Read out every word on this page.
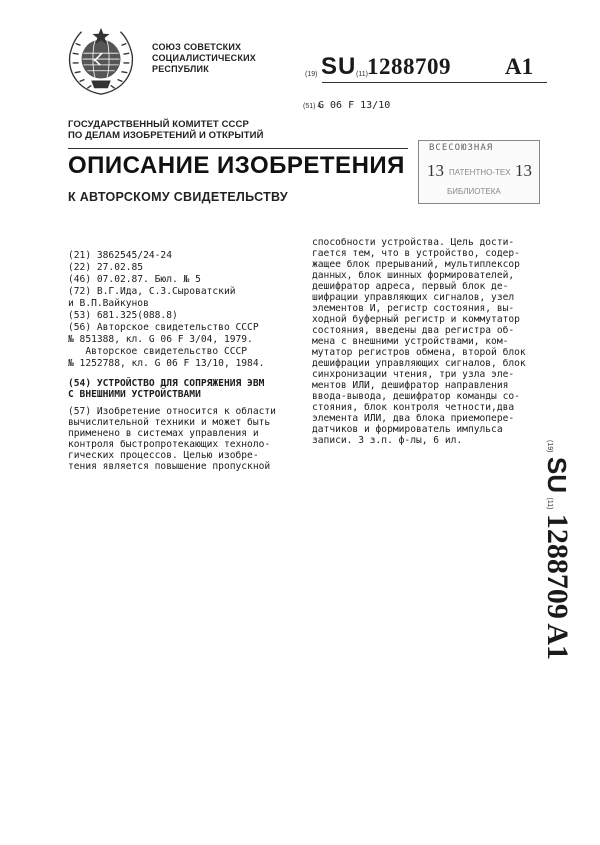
СОЮЗ СОВЕТСКИХ
СОЦИАЛИСТИЧЕСКИХ
РЕСПУБЛИК
(19) SU (11) 1288709 A1
(51) 4
G 06 F 13/10
ГОСУДАРСТВЕННЫЙ КОМИТЕТ СССР
ПО ДЕЛАМ ИЗОБРЕТЕНИЙ И ОТКРЫТИЙ
ОПИСАНИЕ ИЗОБРЕТЕНИЯ
К АВТОРСКОМУ СВИДЕТЕЛЬСТВУ
ВСЕСОЮЗНАЯ
13 ПАТЕНТНО-ТЕХ 13
БИБЛИОТЕКА
(21) 3862545/24-24
(22) 27.02.85
(46) 07.02.87. Бюл. № 5
(72) В.Г.Ида, С.З.Сыроватский
и В.П.Вайкунов
(53) 681.325(088.8)
(56) Авторское свидетельство СССР
№ 851388, кл. G 06 F 3/04, 1979.
Авторское свидетельство СССР
№ 1252788, кл. G 06 F 13/10, 1984.
(54) УСТРОЙСТВО ДЛЯ СОПРЯЖЕНИЯ ЭВМ
С ВНЕШНИМИ УСТРОЙСТВАМИ
(57) Изобретение относится к области
вычислительной техники и может быть
применено в системах управления и
контроля быстропротекающих техноло-
гических процессов. Целью изобре-
тения является повышение пропускной
способности устройства. Цель дости-
гается тем, что в устройство, содер-
жащее блок прерываний, мультиплексор
данных, блок шинных формирователей,
дешифратор адреса, первый блок де-
шифрации управляющих сигналов, узел
элементов И, регистр состояния, вы-
ходной буферный регистр и коммутатор
состояния, введены два регистра об-
мена с внешними устройствами, ком-
мутатор регистров обмена, второй блок
дешифрации управляющих сигналов, блок
синхронизации чтения, три узла эле-
ментов ИЛИ, дешифратор направления
ввода-вывода, дешифратор команды со-
стояния, блок контроля четности,два
элемента ИЛИ, два блока приемопере-
датчиков и формирователь импульса
записи. 3 з.п. ф-лы, 6 ил.	(19) SU (11) 1288709 A1
